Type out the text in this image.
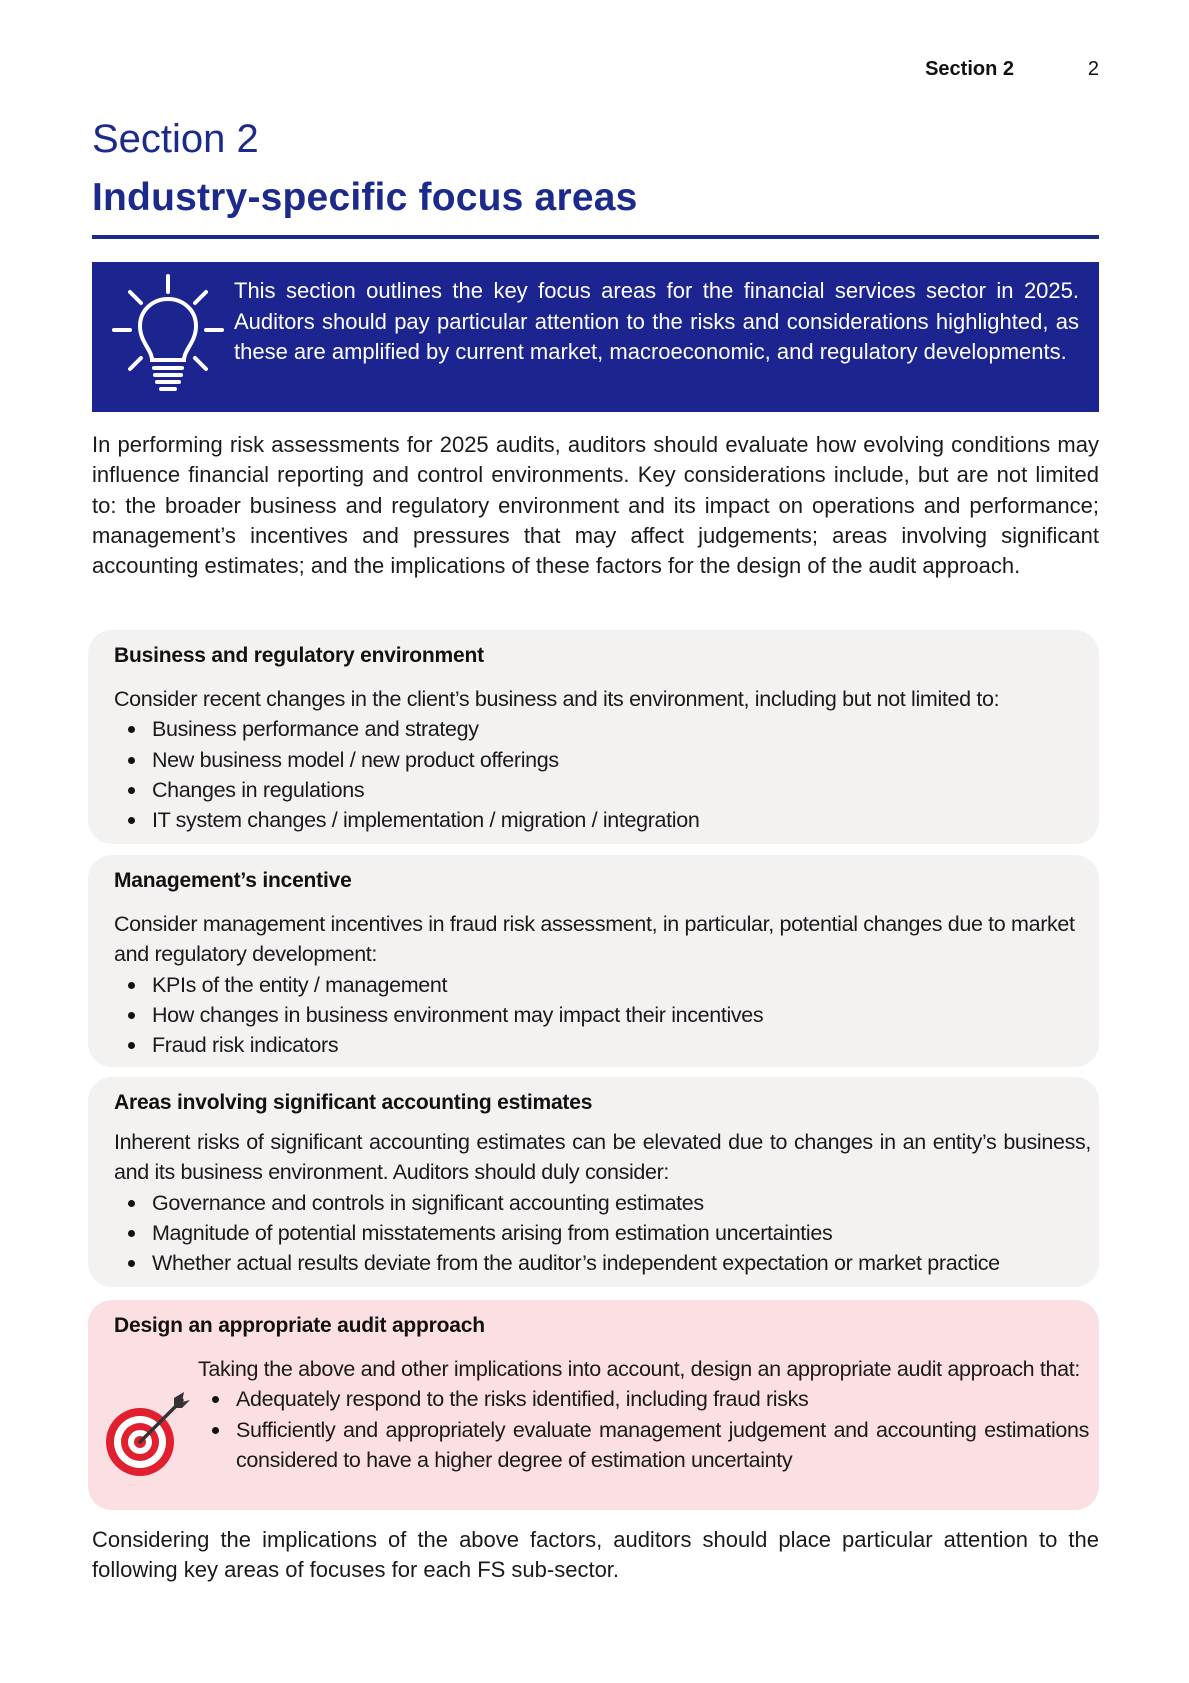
Section 2	2
Section 2
Industry-specific focus areas
This section outlines the key focus areas for the financial services sector in 2025. Auditors should pay particular attention to the risks and considerations highlighted, as these are amplified by current market, macroeconomic, and regulatory developments.

In performing risk assessments for 2025 audits, auditors should evaluate how evolving conditions may influence financial reporting and control environments. Key considerations include, but are not limited to: the broader business and regulatory environment and its impact on operations and performance; management’s incentives and pressures that may affect judgements; areas involving significant accounting estimates; and the implications of these factors for the design of the audit approach.

Business and regulatory environment

Consider recent changes in the client’s business and its environment, including but not limited to:

Business performance and strategy
New business model / new product offerings
Changes in regulations
IT system changes / implementation / migration / integration
Management’s incentive

Consider management incentives in fraud risk assessment, in particular, potential changes due to market and regulatory development:

KPIs of the entity / management
How changes in business environment may impact their incentives
Fraud risk indicators
Areas involving significant accounting estimates

Inherent risks of significant accounting estimates can be elevated due to changes in an entity’s business, and its business environment. Auditors should duly consider:

Governance and controls in significant accounting estimates
Magnitude of potential misstatements arising from estimation uncertainties
Whether actual results deviate from the auditor’s independent expectation or market practice
Design an appropriate audit approach

Taking the above and other implications into account, design an appropriate audit approach that:

Adequately respond to the risks identified, including fraud risks
Sufficiently and appropriately evaluate management judgement and accounting estimations considered to have a higher degree of estimation uncertainty

Considering the implications of the above factors, auditors should place particular attention to the following key areas of focuses for each FS sub-sector.
